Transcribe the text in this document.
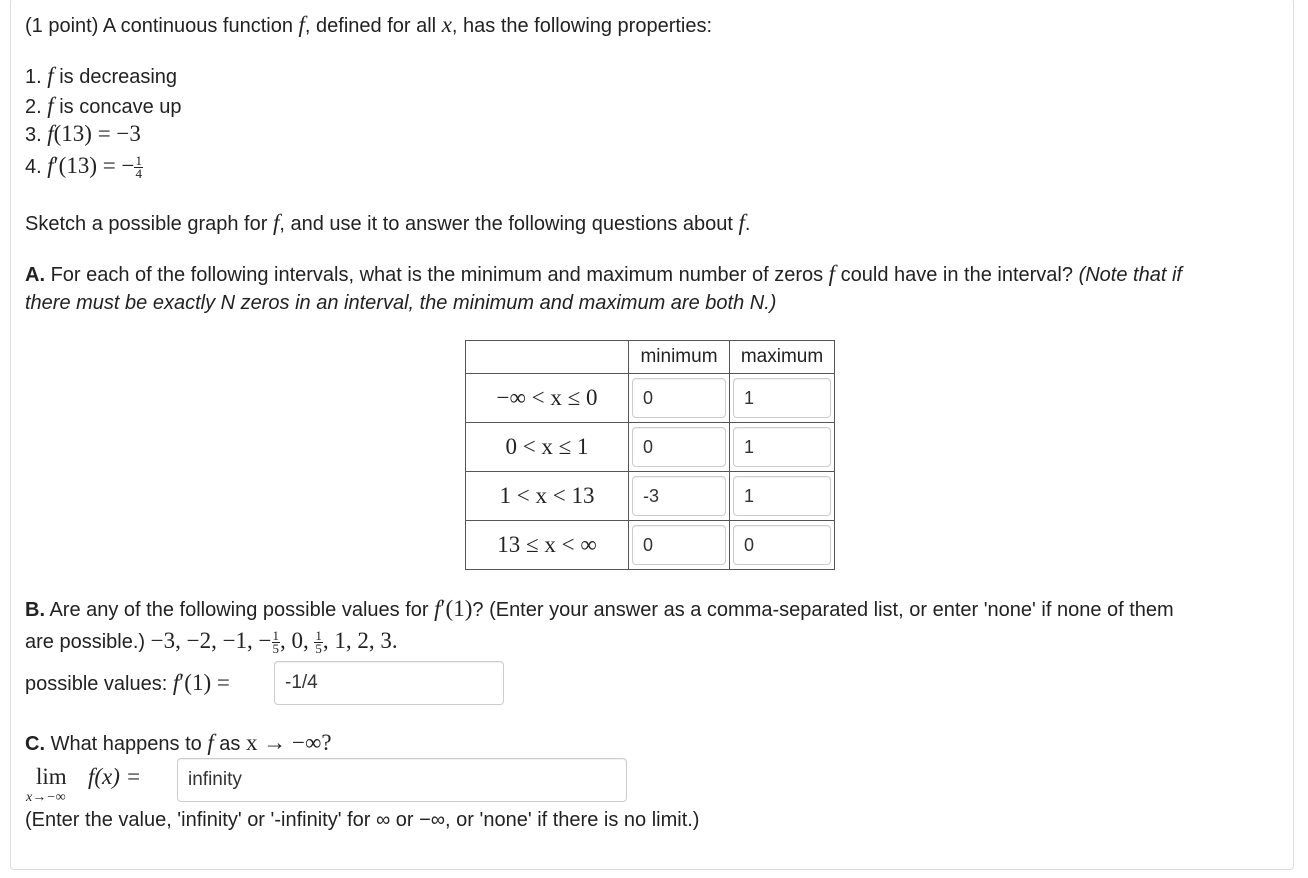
(1 point) A continuous function f, defined for all x, has the following properties:
1. f is decreasing
2. f is concave up
3. f(13) = −3
4. f′(13) = − $\frac{1}{4}$
Sketch a possible graph for f, and use it to answer the following questions about f.
A. For each of the following intervals, what is the minimum and maximum number of zeros f could have in the interval? (Note that if
there must be exactly N zeros in an interval, the minimum and maximum are both N.)
	minimum	maximum
−∞ < x ≤ 0	0	1

0 < x ≤ 1	0	1

1 < x < 13	-3	1

13 ≤ x < ∞	0	0
B. Are any of the following possible values for f′(1)? (Enter your answer as a comma-separated list, or enter 'none' if none of them
are possible.) −3, −2, −1, − $\frac{1}{5}$ , 0, $\frac{1}{5}$ , 1, 2, 3.
possible values: f′(1) =	-1/4
C. What happens to f as x → −∞?
lim
x→−∞
f(x) =	infinity
(Enter the value, 'infinity' or '-infinity' for ∞ or −∞, or 'none' if there is no limit.)
